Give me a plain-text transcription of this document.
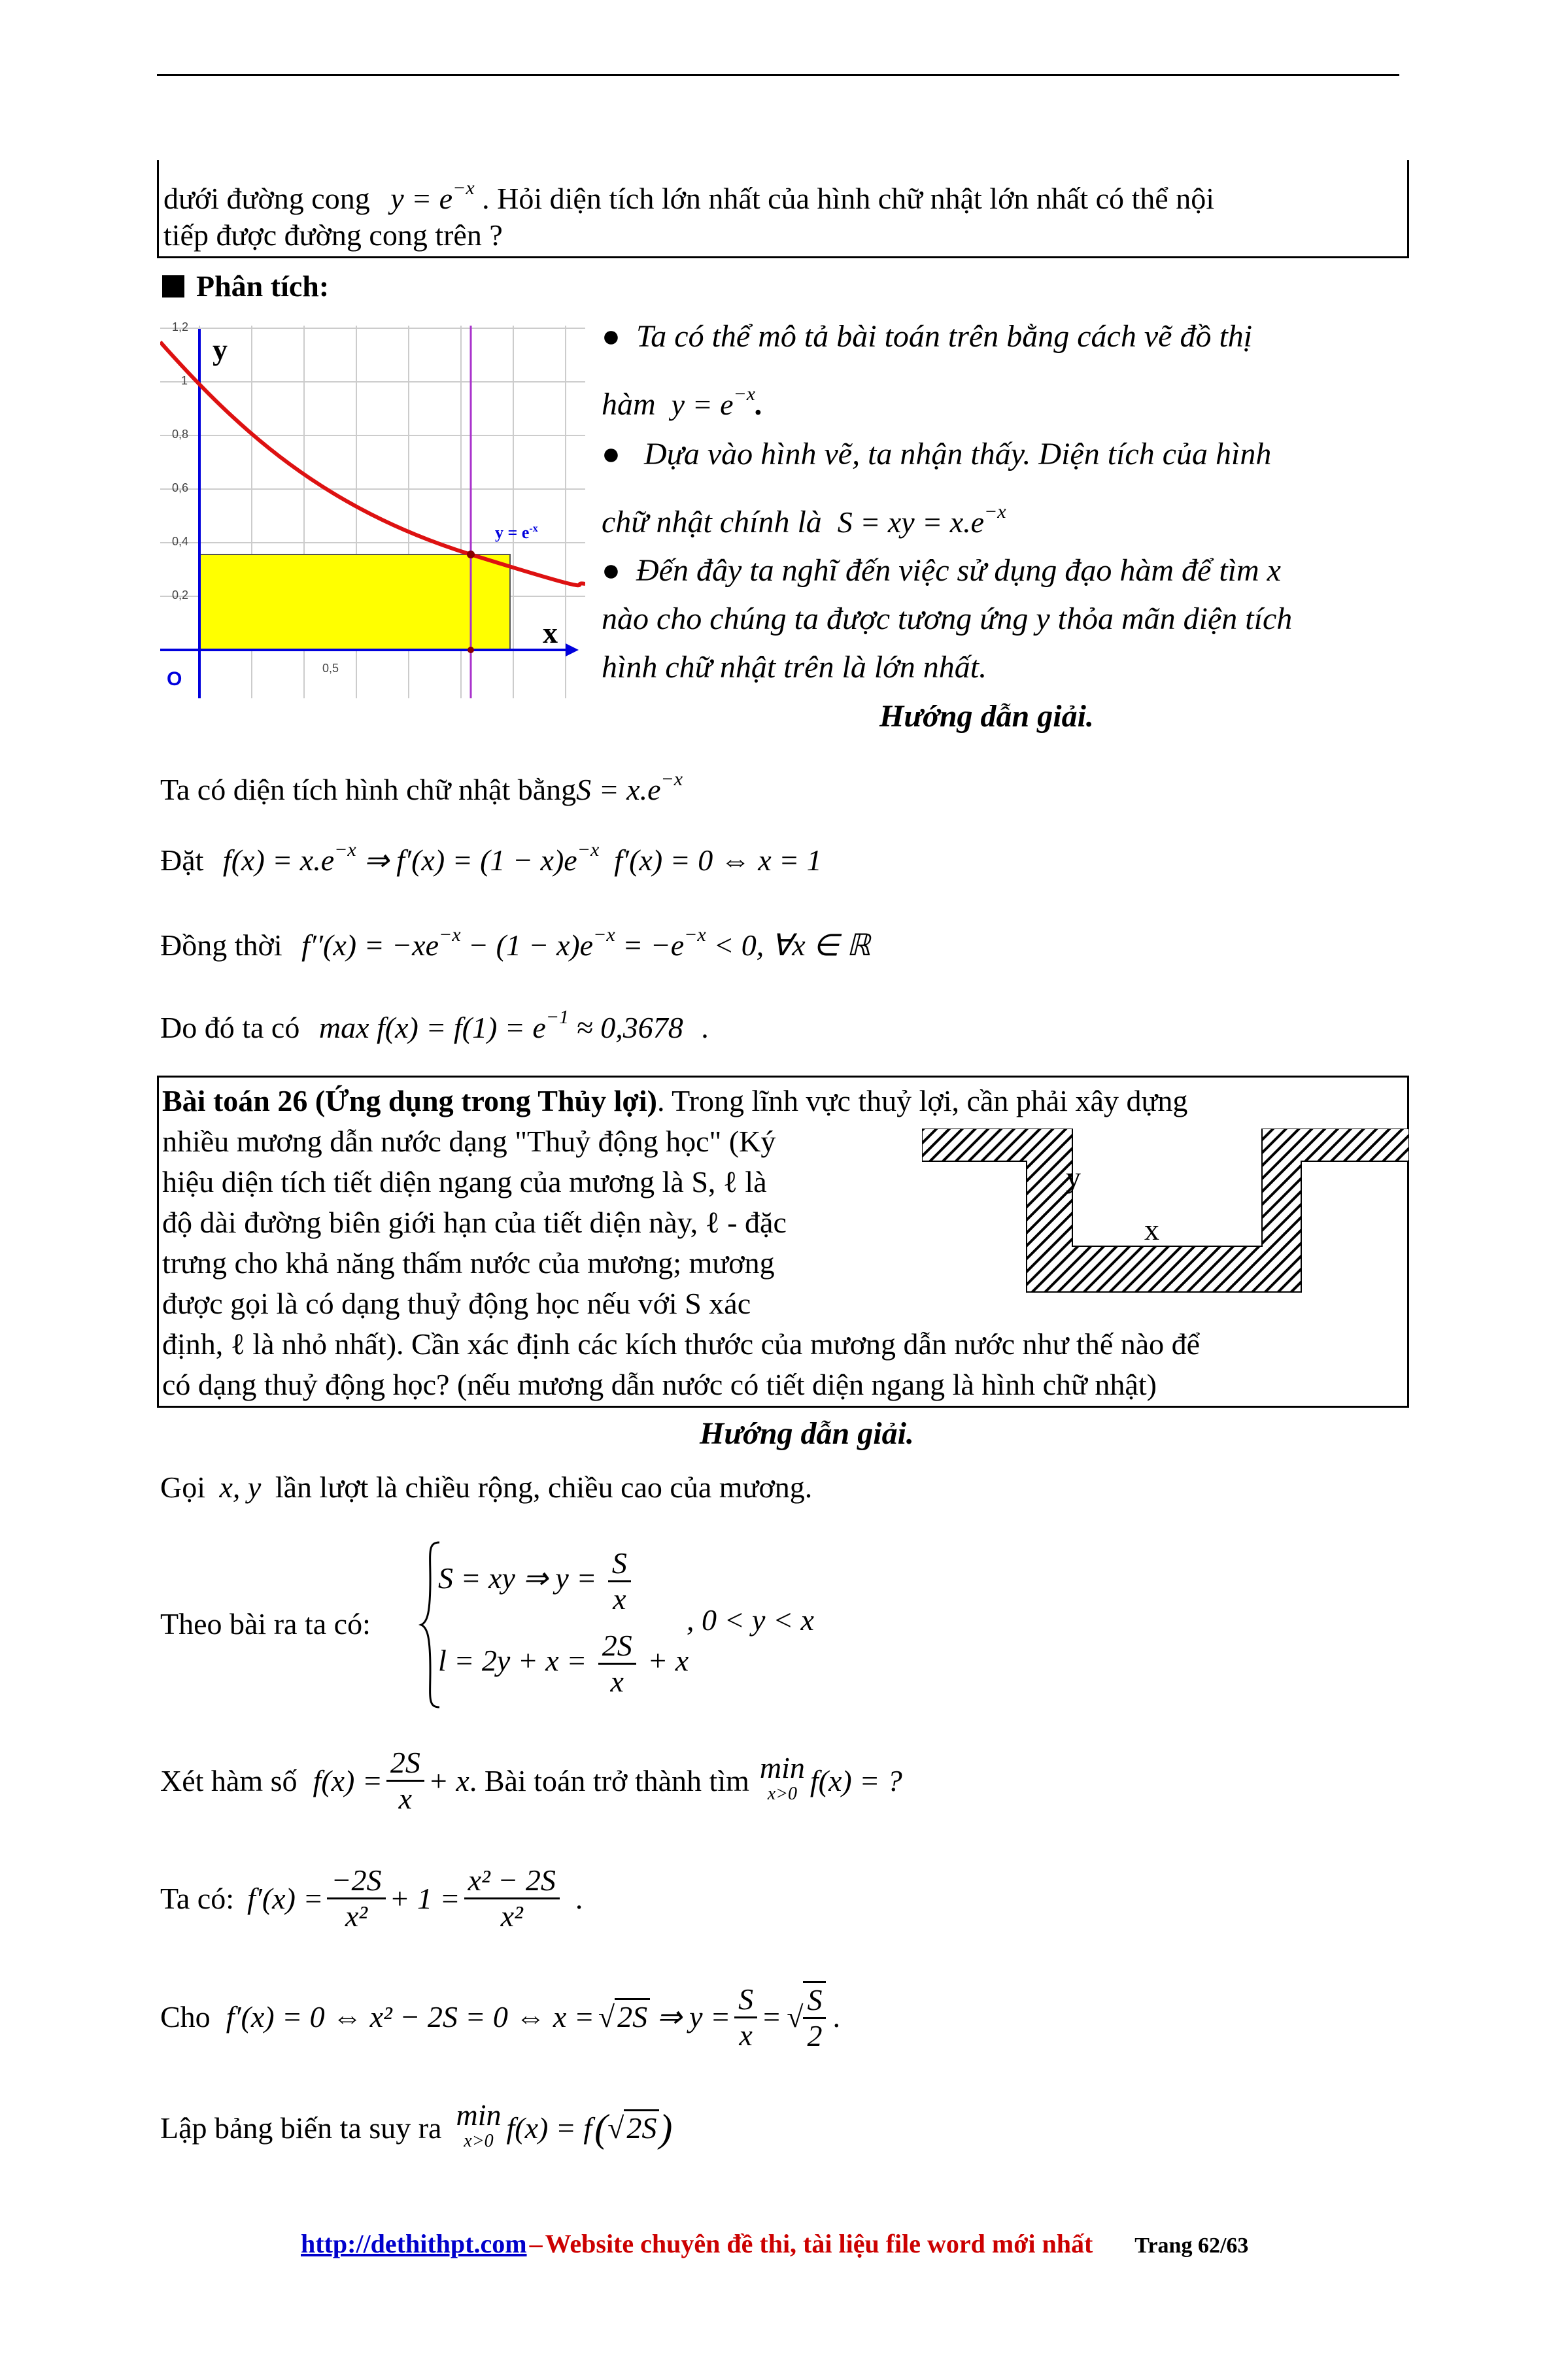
dưới đường cong $y = e^{-x}$ . Hỏi diện tích lớn nhất của hình chữ nhật lớn nhất có thể nội
tiếp được đường cong trên ?
Phân tích:
1,2
1
0,8
0,6
0,4
0,2
0,5
y
x
O
$y = e^{-x}$
●  Ta có thể mô tả bài toán trên bằng cách vẽ đồ thị
hàm $y = e^{-x}$.
●   Dựa vào hình vẽ, ta nhận thấy. Diện tích của hình
chữ nhật chính là S = xy = $x.e^{-x}$
●  Đến đây ta nghĩ đến việc sử dụng đạo hàm để tìm x
nào cho chúng ta được tương ứng y thỏa mãn diện tích
hình chữ nhật trên là lớn nhất.
Hướng dẫn giải.
Ta có diện tích hình chữ nhật bằngS = $x.e^{-x}$
Đặt $f(x) = x.e^{-x}$ ⇒ $f'(x) = (1 - x)e^{-x}$ f′(x) = 0 ⇔ x = 1
Đồng thời $f''(x) = -xe^{-x} - (1 - x)e^{-x} = -e^{-x} < 0$, ∀x ∈ ℝ
Do đó ta có $\max f(x) = f(1) = e^{-1} \approx 0,3678$ .
Bài toán 26 (Ứng dụng trong Thủy lợi). Trong lĩnh vực thuỷ lợi, cần phải xây dựng
nhiều mương dẫn nước dạng "Thuỷ động học" (Ký
hiệu diện tích tiết diện ngang của mương là S, ℓ là
độ dài đường biên giới hạn của tiết diện này, ℓ - đặc
trưng cho khả năng thấm nước của mương; mương
được gọi là có dạng thuỷ động học nếu với S xác
định, ℓ là nhỏ nhất). Cần xác định các kích thước của mương dẫn nước như thế nào để
có dạng thuỷ động học? (nếu mương dẫn nước có tiết diện ngang là hình chữ nhật)
y
x
Hướng dẫn giải.
Gọi x, y lần lượt là chiều rộng, chiều cao của mương.
Theo bài ra ta có:
S = xy ⇒ $y = \frac{S}{x}$
$l = 2y + x = \frac{2S}{x} + x$
, 0 < y < x
Xét hàm số $f(x) = \frac{2S}{x} + x$ . Bài toán trở thành tìm min
x>0 f(x) = ?
Ta có: $f'(x) = \frac{-2S}{\text{x²}} + 1 = \frac{\text{x² − 2S}}{\text{x²}}$ .
Cho f′(x) = 0 ⇔ x² − 2S = 0 ⇔ x = √2S ⇒ $y = \frac{S}{x}$ = √ $\frac{S}{2}$ .
Lập bảng biến ta suy ra min
x>0 f(x) = f ( √2S )
http://dethithpt.com – Website chuyên đề thi, tài liệu file word mới nhất Trang 62/63
